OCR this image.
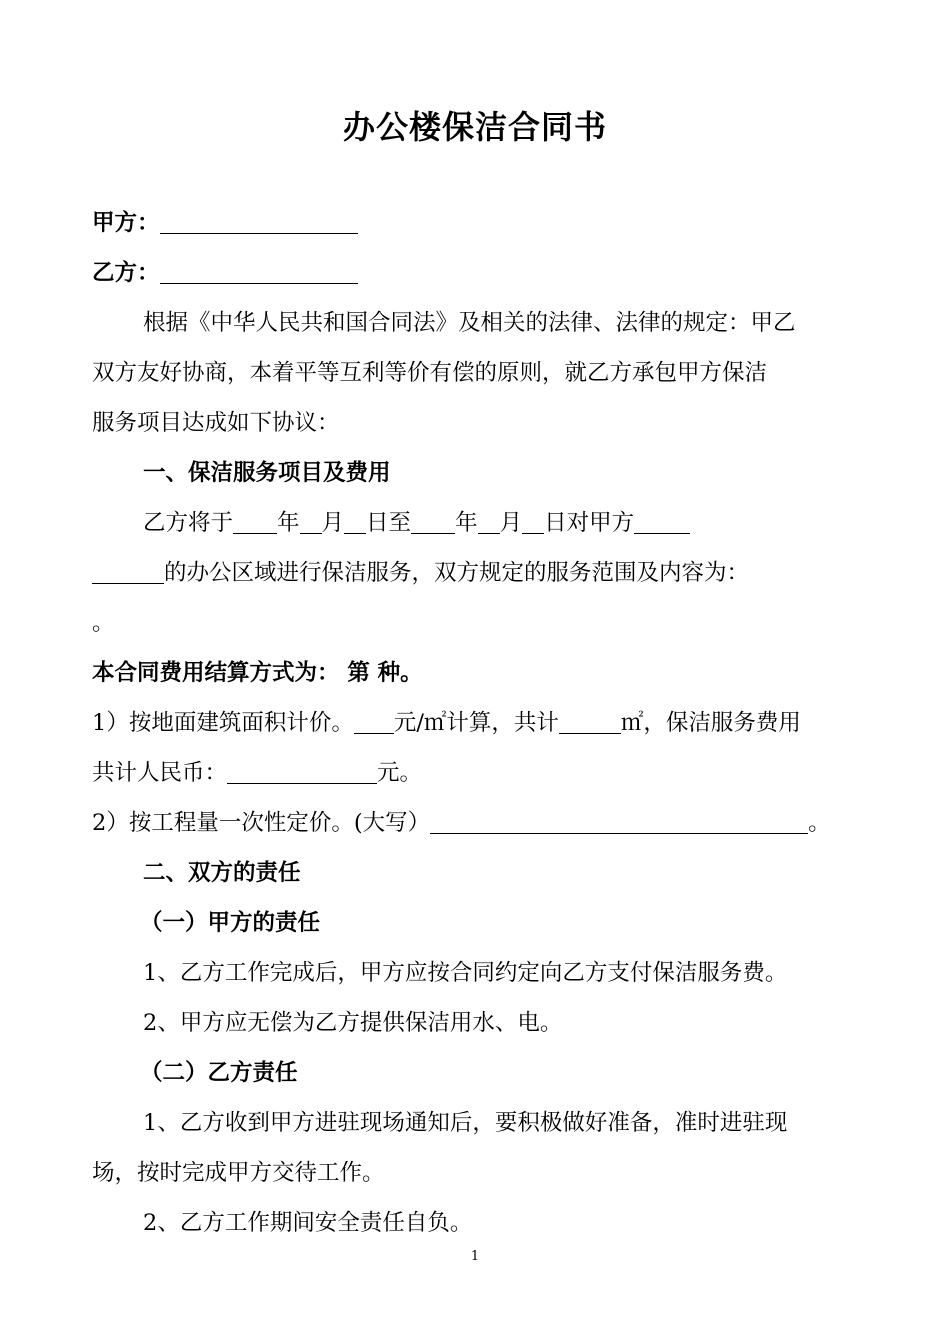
办公楼保洁合同书
甲方：
乙方：
根据《中华人民共和国合同法》及相关的法律、法律的规定：甲乙
双方友好协商，本着平等互利等价有偿的原则，就乙方承包甲方保洁
服务项目达成如下协议：
一、保洁服务项目及费用
乙方将于 年 月 日至 年 月 日对甲方
的办公区域进行保洁服务，双方规定的服务范围及内容为：
。
本合同费用结算方式为： 第 种。
1）按地面建筑面积计价。 元/㎡计算，共计	㎡，保洁服务费用
共计人民币：	元。
2）按工程量一次性定价。(大写）	。
二、双方的责任
（一）甲方的责任
1、乙方工作完成后，甲方应按合同约定向乙方支付保洁服务费。
2、甲方应无偿为乙方提供保洁用水、电。
（二）乙方责任
1、乙方收到甲方进驻现场通知后，要积极做好准备，准时进驻现
场，按时完成甲方交待工作。
2、乙方工作期间安全责任自负。
1
